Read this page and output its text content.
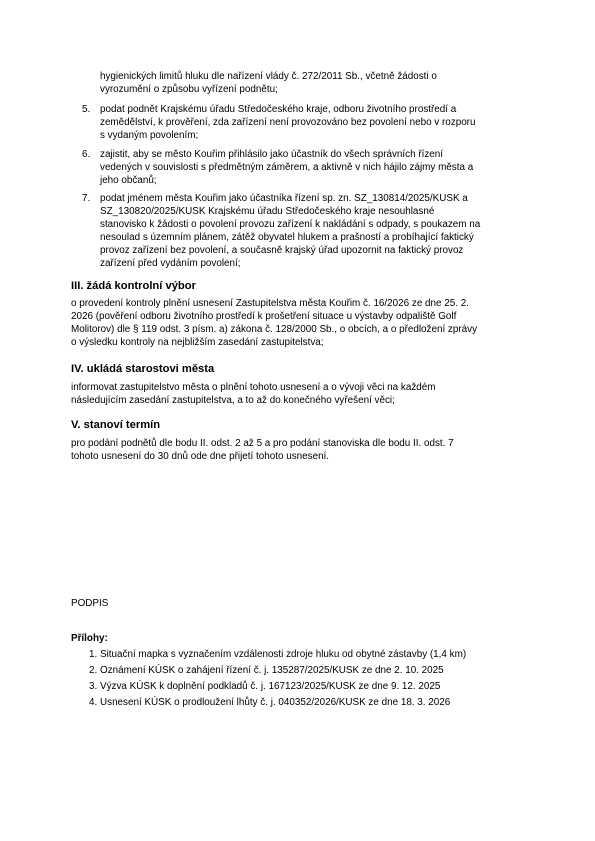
hygienických limitů hluku dle nařízení vlády č. 272/2011 Sb., včetně žádosti o
vyrozumění o způsobu vyřízení podnětu;
5. podat podnět Krajskému úřadu Středočeského kraje, odboru životního prostředí a
zemědělství, k prověření, zda zařízení není provozováno bez povolení nebo v rozporu
s vydaným povolením;
6. zajistit, aby se město Kouřim přihlásilo jako účastník do všech správních řízení
vedených v souvislosti s předmětným záměrem, a aktivně v nich hájilo zájmy města a
jeho občanů;
7. podat jménem města Kouřim jako účastníka řízení sp. zn. SZ_130814/2025/KUSK a
SZ_130820/2025/KUSK Krajskému úřadu Středočeského kraje nesouhlasné
stanovisko k žádosti o povolení provozu zařízení k nakládání s odpady, s poukazem na
nesoulad s územním plánem, zátěž obyvatel hlukem a prašností a probíhající faktický
provoz zařízení bez povolení, a současně krajský úřad upozornit na faktický provoz
zařízení před vydáním povolení;
III. žádá kontrolní výbor
o provedení kontroly plnění usnesení Zastupitelstva města Kouřim č. 16/2026 ze dne 25. 2.
2026 (pověření odboru životního prostředí k prošetření situace u výstavby odpaliště Golf
Molitorov) dle § 119 odst. 3 písm. a) zákona č. 128/2000 Sb., o obcích, a o předložení zprávy
o výsledku kontroly na nejbližším zasedání zastupitelstva;
IV. ukládá starostovi města
informovat zastupitelstvo města o plnění tohoto usnesení a o vývoji věci na každém
následujícím zasedání zastupitelstva, a to až do konečného vyřešení věci;
V. stanoví termín
pro podání podnětů dle bodu II. odst. 2 až 5 a pro podání stanoviska dle bodu II. odst. 7
tohoto usnesení do 30 dnů ode dne přijetí tohoto usnesení.
PODPIS
Přílohy:
1. Situační mapka s vyznačením vzdálenosti zdroje hluku od obytné zástavby (1,4 km)
2. Oznámení KÚSK o zahájení řízení č. j. 135287/2025/KUSK ze dne 2. 10. 2025
3. Výzva KÚSK k doplnění podkladů č. j. 167123/2025/KUSK ze dne 9. 12. 2025
4. Usnesení KÚSK o prodloužení lhůty č. j. 040352/2026/KUSK ze dne 18. 3. 2026
